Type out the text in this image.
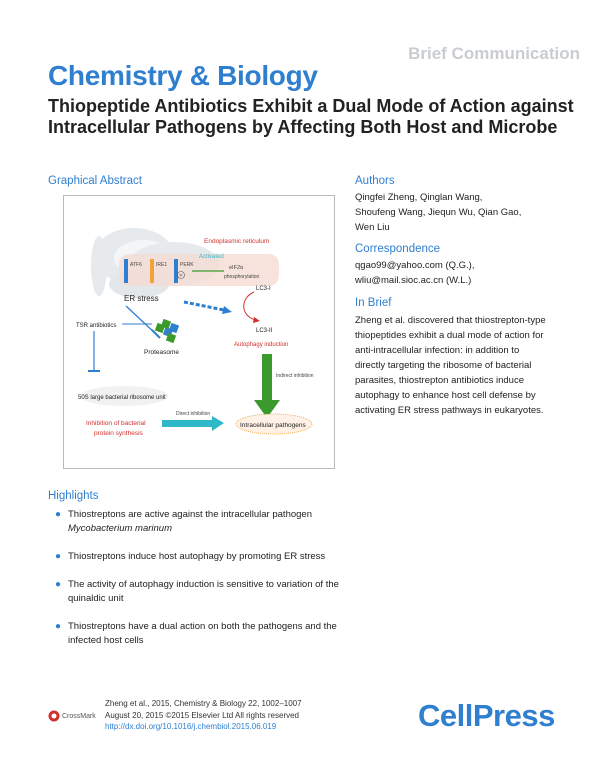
Brief Communication
Chemistry & Biology
Thiopeptide Antibiotics Exhibit a Dual Mode of Action against Intracellular Pathogens by Affecting Both Host and Microbe
Graphical Abstract
Endoplasmic reticulum
ATF6	IRE1	PERK
P
Activated
eIF2α
phosphorylation
ER stress
LC3-I
LC3-II
Autophagy induction
Indirect inhibition
TSR antibiotics
Proteasome
50S large bacterial ribosome unit
Inhibition of bacterial
protein synthesis
Direct inhibition
Intracellular pathogens
Authors
Qingfei Zheng, Qinglan Wang,
Shoufeng Wang, Jiequn Wu, Qian Gao,
Wen Liu
Correspondence
qgao99@yahoo.com (Q.G.),
wliu@mail.sioc.ac.cn (W.L.)
In Brief
Zheng et al. discovered that thiostrepton-type thiopeptides exhibit a dual mode of action for anti-intracellular infection: in addition to directly targeting the ribosome of bacterial parasites, thiostrepton antibiotics induce autophagy to enhance host cell defense by activating ER stress pathways in eukaryotes.
Highlights
● Thiostreptons are active against the intracellular pathogen Mycobacterium marinum
● Thiostreptons induce host autophagy by promoting ER stress
● The activity of autophagy induction is sensitive to variation of the quinaldic unit
● Thiostreptons have a dual action on both the pathogens and the infected host cells
CrossMark
Zheng et al., 2015, Chemistry & Biology 22, 1002–1007
August 20, 2015 ©2015 Elsevier Ltd All rights reserved
http://dx.doi.org/10.1016/j.chembiol.2015.06.019	CellPress
